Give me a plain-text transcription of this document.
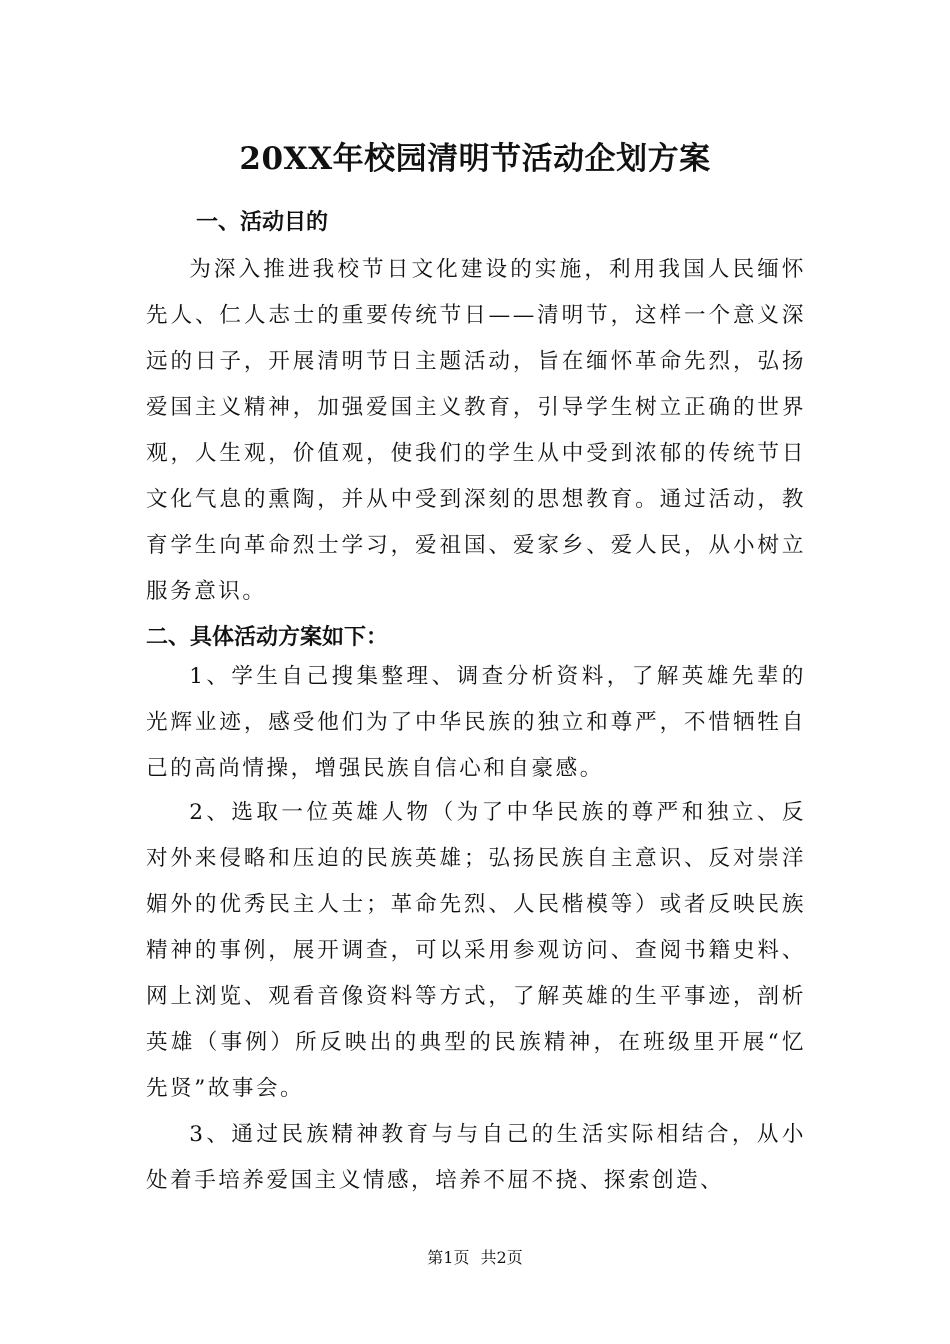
20XX年校园清明节活动企划方案
一、活动目的
为深入推进我校节日文化建设的实施，利用我国人民缅怀先人、仁人志士的重要传统节日——清明节，这样一个意义深远的日子，开展清明节日主题活动，旨在缅怀革命先烈，弘扬爱国主义精神，加强爱国主义教育，引导学生树立正确的世界观，人生观，价值观，使我们的学生从中受到浓郁的传统节日文化气息的熏陶，并从中受到深刻的思想教育。通过活动，教育学生向革命烈士学习，爱祖国、爱家乡、爱人民，从小树立服务意识。
二、具体活动方案如下：
1、学生自己搜集整理、调查分析资料，了解英雄先辈的光辉业迹，感受他们为了中华民族的独立和尊严，不惜牺牲自己的高尚情操，增强民族自信心和自豪感。
2、选取一位英雄人物（为了中华民族的尊严和独立、反对外来侵略和压迫的民族英雄；弘扬民族自主意识、反对崇洋媚外的优秀民主人士；革命先烈、人民楷模等）或者反映民族精神的事例，展开调查，可以采用参观访问、查阅书籍史料、网上浏览、观看音像资料等方式，了解英雄的生平事迹，剖析英雄（事例）所反映出的典型的民族精神，在班级里开展“忆先贤”故事会。
3、通过民族精神教育与与自己的生活实际相结合，从小处着手培养爱国主义情感，培养不屈不挠、探索创造、
第1页 共2页
